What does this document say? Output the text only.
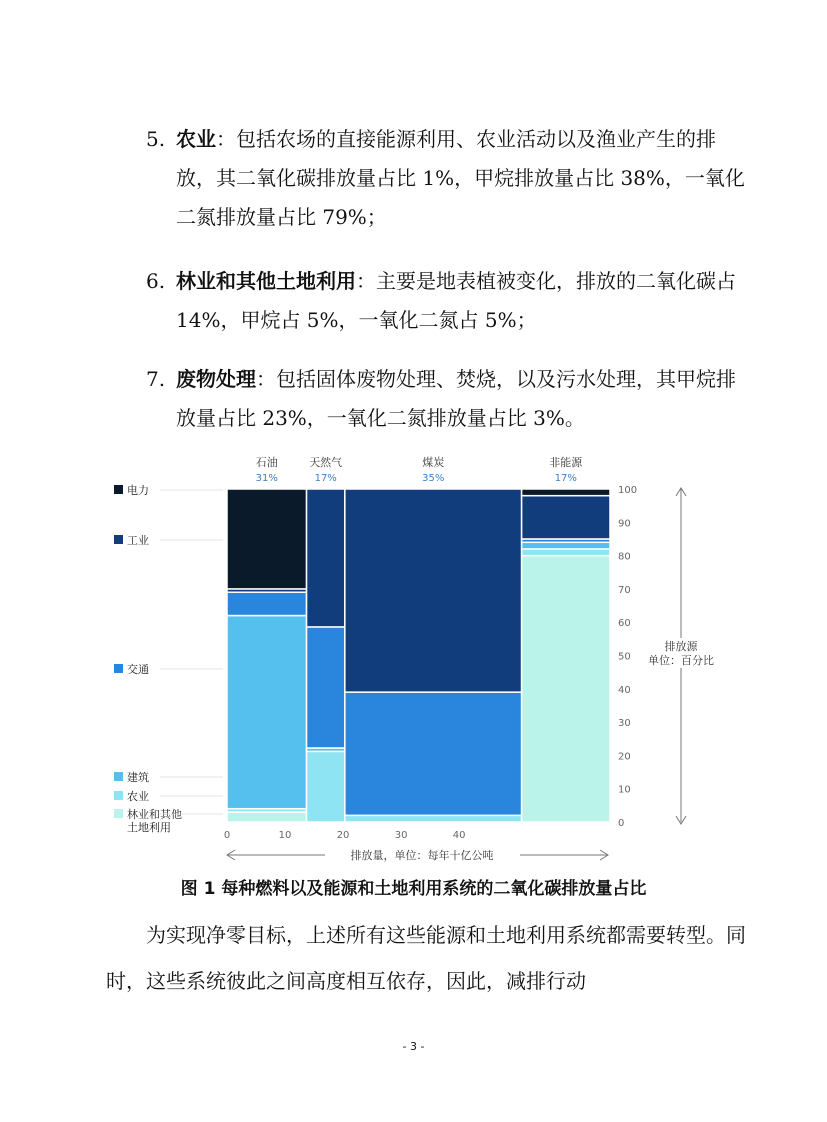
5. 农业：包括农场的直接能源利用、农业活动以及渔业产生的排放，其二氧化碳排放量占比 1%，甲烷排放量占比 38%，一氧化二氮排放量占比 79%；
6. 林业和其他土地利用：主要是地表植被变化，排放的二氧化碳占 14%，甲烷占 5%，一氧化二氮占 5%；
7. 废物处理：包括固体废物处理、焚烧，以及污水处理，其甲烷排放量占比 23%，一氧化二氮排放量占比 3%。
石油
31%
天然气
17%
煤炭
35%
非能源
17%
电力
工业
交通
建筑
农业
林业和其他
土地利用	0
10
20
30
40
50
60
70
80
90
100
排放源
单位：百分比
0	10	20	30	40
排放量，单位：每年十亿公吨
图 1 每种燃料以及能源和土地利用系统的二氧化碳排放量占比
为实现净零目标，上述所有这些能源和土地利用系统都需要转型。同时，这些系统彼此之间高度相互依存，因此，减排行动
- 3 -
